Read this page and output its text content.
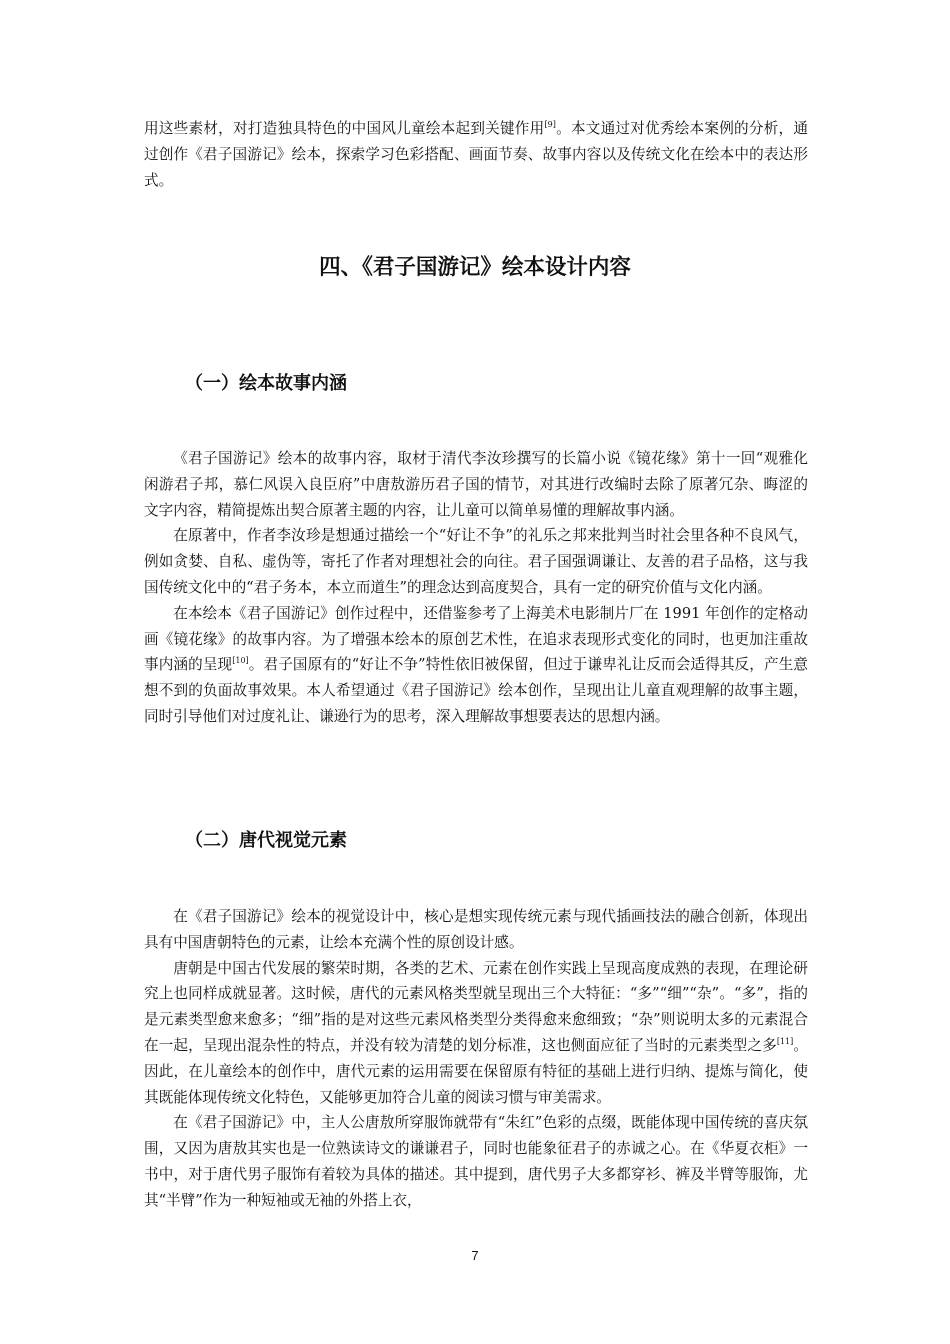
用这些素材，对打造独具特色的中国风儿童绘本起到关键作用[9]。本文通过对优秀绘本案例的分析，通过创作《君子国游记》绘本，探索学习色彩搭配、画面节奏、故事内容以及传统文化在绘本中的表达形式。

四、《君子国游记》绘本设计内容
（一）绘本故事内涵

《君子国游记》绘本的故事内容，取材于清代李汝珍撰写的长篇小说《镜花缘》第十一回“观雅化闲游君子邦，慕仁风误入良臣府”中唐敖游历君子国的情节，对其进行改编时去除了原著冗杂、晦涩的文字内容，精简提炼出契合原著主题的内容，让儿童可以简单易懂的理解故事内涵。

在原著中，作者李汝珍是想通过描绘一个“好让不争”的礼乐之邦来批判当时社会里各种不良风气，例如贪婪、自私、虚伪等，寄托了作者对理想社会的向往。君子国强调谦让、友善的君子品格，这与我国传统文化中的“君子务本，本立而道生”的理念达到高度契合，具有一定的研究价值与文化内涵。

在本绘本《君子国游记》创作过程中，还借鉴参考了上海美术电影制片厂在 1991 年创作的定格动画《镜花缘》的故事内容。为了增强本绘本的原创艺术性，在追求表现形式变化的同时，也更加注重故事内涵的呈现[10]。君子国原有的“好让不争”特性依旧被保留，但过于谦卑礼让反而会适得其反，产生意想不到的负面故事效果。本人希望通过《君子国游记》绘本创作，呈现出让儿童直观理解的故事主题，同时引导他们对过度礼让、谦逊行为的思考，深入理解故事想要表达的思想内涵。

（二）唐代视觉元素

在《君子国游记》绘本的视觉设计中，核心是想实现传统元素与现代插画技法的融合创新，体现出具有中国唐朝特色的元素，让绘本充满个性的原创设计感。

唐朝是中国古代发展的繁荣时期，各类的艺术、元素在创作实践上呈现高度成熟的表现，在理论研究上也同样成就显著。这时候，唐代的元素风格类型就呈现出三个大特征：“多”“细”“杂”。“多”，指的是元素类型愈来愈多；“细”指的是对这些元素风格类型分类得愈来愈细致；“杂”则说明太多的元素混合在一起，呈现出混杂性的特点，并没有较为清楚的划分标准，这也侧面应征了当时的元素类型之多[11]。因此，在儿童绘本的创作中，唐代元素的运用需要在保留原有特征的基础上进行归纳、提炼与简化，使其既能体现传统文化特色，又能够更加符合儿童的阅读习惯与审美需求。

在《君子国游记》中，主人公唐敖所穿服饰就带有“朱红”色彩的点缀，既能体现中国传统的喜庆氛围，又因为唐敖其实也是一位熟读诗文的谦谦君子，同时也能象征君子的赤诚之心。在《华夏衣柜》一书中，对于唐代男子服饰有着较为具体的描述。其中提到，唐代男子大多都穿衫、裤及半臂等服饰，尤其“半臂”作为一种短袖或无袖的外搭上衣，

7
